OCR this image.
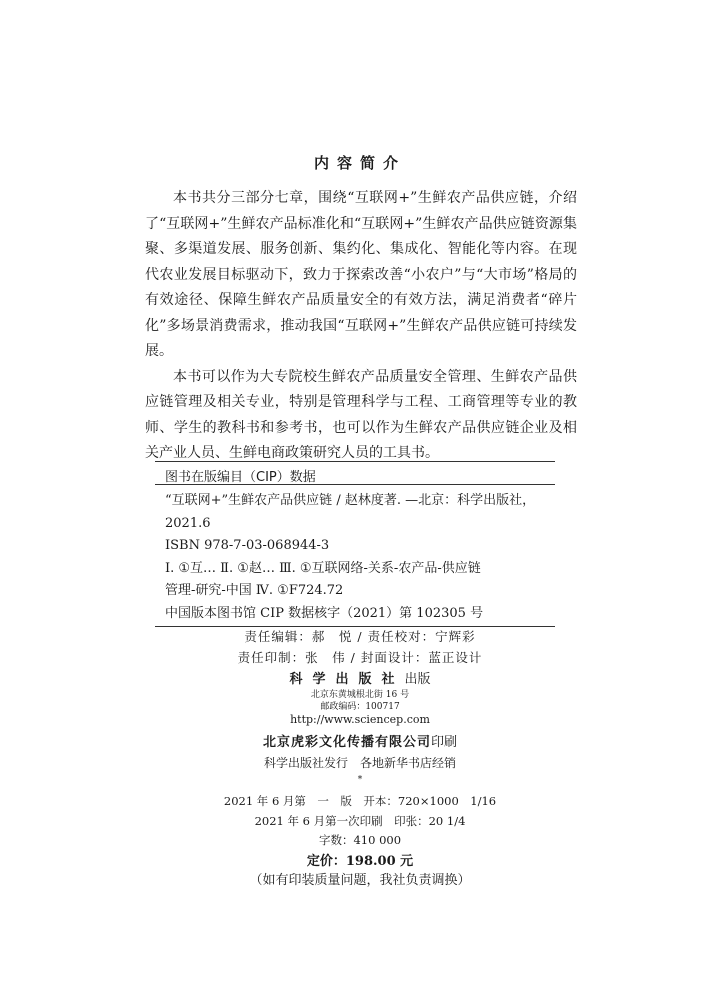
内容简介

本书共分三部分七章，围绕“互联网+”生鲜农产品供应链，介绍了“互联网+”生鲜农产品标准化和“互联网+”生鲜农产品供应链资源集聚、多渠道发展、服务创新、集约化、集成化、智能化等内容。在现代农业发展目标驱动下，致力于探索改善“小农户”与“大市场”格局的有效途径、保障生鲜农产品质量安全的有效方法，满足消费者“碎片化”多场景消费需求，推动我国“互联网+”生鲜农产品供应链可持续发展。

本书可以作为大专院校生鲜农产品质量安全管理、生鲜农产品供应链管理及相关专业，特别是管理科学与工程、工商管理等专业的教师、学生的教科书和参考书，也可以作为生鲜农产品供应链企业及相关产业人员、生鲜电商政策研究人员的工具书。

图书在版编目（CIP）数据
“互联网+”生鲜农产品供应链 / 赵林度著. —北京：科学出版社，
2021.6
ISBN 978-7-03-068944-3
Ⅰ. ①互… Ⅱ. ①赵… Ⅲ. ①互联网络-关系-农产品-供应链
管理-研究-中国 Ⅳ. ①F724.72
中国版本图书馆 CIP 数据核字（2021）第 102305 号
责任编辑：郝　悦 / 责任校对：宁辉彩
责任印制：张　伟 / 封面设计：蓝正设计
科学出版社出版
北京东黄城根北街 16 号
邮政编码：100717
http://www.sciencep.com
北京虎彩文化传播有限公司印刷
科学出版社发行　各地新华书店经销
*
2021 年 6 月第　一　版　开本：720×1000　1/16
2021 年 6 月第一次印刷　印张：20 1/4
字数：410 000
定价：198.00 元
（如有印装质量问题，我社负责调换）
